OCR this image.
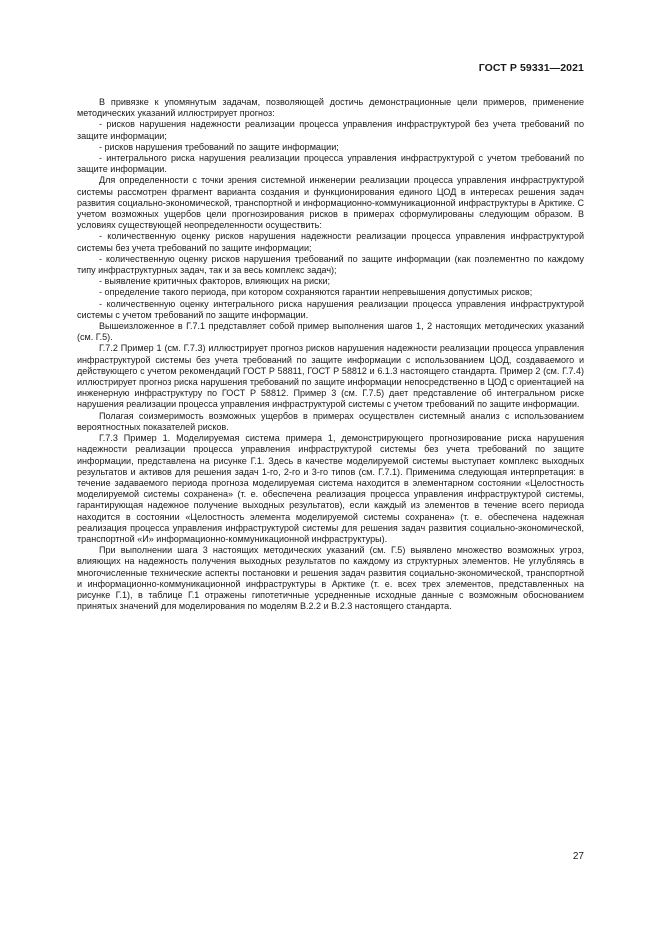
ГОСТ Р 59331—2021

В привязке к упомянутым задачам, позволяющей достичь демонстрационные цели примеров, применение методических указаний иллюстрирует прогноз:

- рисков нарушения надежности реализации процесса управления инфраструктурой без учета требований по защите информации;

- рисков нарушения требований по защите информации;

- интегрального риска нарушения реализации процесса управления инфраструктурой с учетом требований по защите информации.

Для определенности с точки зрения системной инженерии реализации процесса управления инфраструктурой системы рассмотрен фрагмент варианта создания и функционирования единого ЦОД в интересах решения задач развития социально-экономической, транспортной и информационно-коммуникационной инфраструктуры в Арктике. С учетом возможных ущербов цели прогнозирования рисков в примерах сформулированы следующим образом. В условиях существующей неопределенности осуществить:

- количественную оценку рисков нарушения надежности реализации процесса управления инфраструктурой системы без учета требований по защите информации;

- количественную оценку рисков нарушения требований по защите информации (как поэлементно по каждому типу инфраструктурных задач, так и за весь комплекс задач);

- выявление критичных факторов, влияющих на риски;

- определение такого периода, при котором сохраняются гарантии непревышения допустимых рисков;

- количественную оценку интегрального риска нарушения реализации процесса управления инфраструктурой системы с учетом требований по защите информации.

Вышеизложенное в Г.7.1 представляет собой пример выполнения шагов 1, 2 настоящих методических указаний (см. Г.5).

Г.7.2 Пример 1 (см. Г.7.3) иллюстрирует прогноз рисков нарушения надежности реализации процесса управления инфраструктурой системы без учета требований по защите информации с использованием ЦОД, создаваемого и действующего с учетом рекомендаций ГОСТ Р 58811, ГОСТ Р 58812 и 6.1.3 настоящего стандарта. Пример 2 (см. Г.7.4) иллюстрирует прогноз риска нарушения требований по защите информации непосредственно в ЦОД с ориентацией на инженерную инфраструктуру по ГОСТ Р 58812. Пример 3 (см. Г.7.5) дает представление об интегральном риске нарушения реализации процесса управления инфраструктурой системы с учетом требований по защите информации.

Полагая соизмеримость возможных ущербов в примерах осуществлен системный анализ с использованием вероятностных показателей рисков.

Г.7.3 Пример 1. Моделируемая система примера 1, демонстрирующего прогнозирование риска нарушения надежности реализации процесса управления инфраструктурой системы без учета требований по защите информации, представлена на рисунке Г.1. Здесь в качестве моделируемой системы выступает комплекс выходных результатов и активов для решения задач 1-го, 2-го и 3-го типов (см. Г.7.1). Применима следующая интерпретация: в течение задаваемого периода прогноза моделируемая система находится в элементарном состоянии «Целостность моделируемой системы сохранена» (т. е. обеспечена реализация процесса управления инфраструктурой системы, гарантирующая надежное получение выходных результатов), если каждый из элементов в течение всего периода находится в состоянии «Целостность элемента моделируемой системы сохранена» (т. е. обеспечена надежная реализация процесса управления инфраструктурой системы для решения задач развития социально-экономической, транспортной «И» информационно-коммуникационной инфраструктуры).

При выполнении шага 3 настоящих методических указаний (см. Г.5) выявлено множество возможных угроз, влияющих на надежность получения выходных результатов по каждому из структурных элементов. Не углубляясь в многочисленные технические аспекты постановки и решения задач развития социально-экономической, транспортной и информационно-коммуникационной инфраструктуры в Арктике (т. е. всех трех элементов, представленных на рисунке Г.1), в таблице Г.1 отражены гипотетичные усредненные исходные данные с возможным обоснованием принятых значений для моделирования по моделям В.2.2 и В.2.3 настоящего стандарта.

27
